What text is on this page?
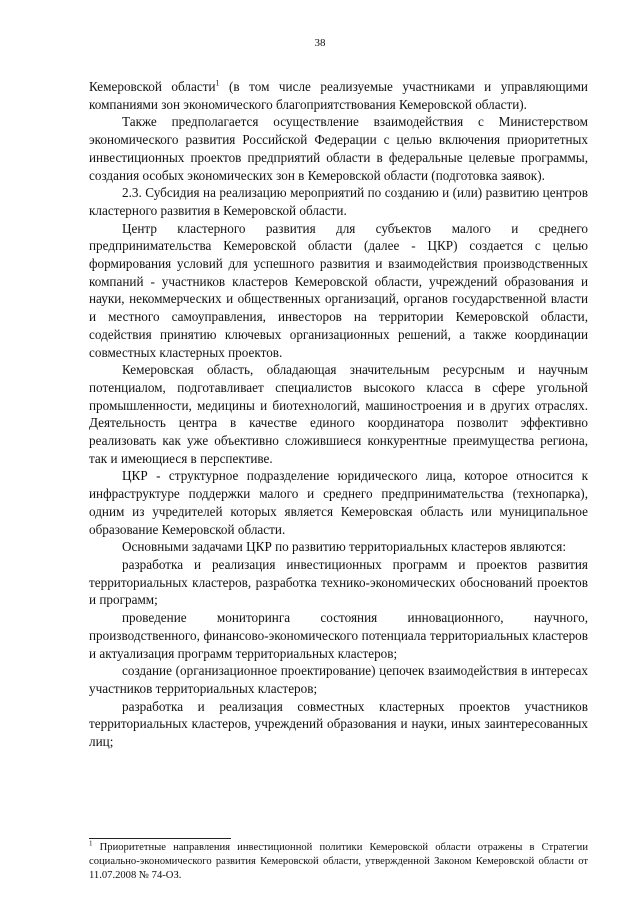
38

Кемеровской области$^1$ (в том числе реализуемые участниками и управляющими компаниями зон экономического благоприятствования Кемеровской области).

Также предполагается осуществление взаимодействия с Министерством экономического развития Российской Федерации с целью включения приоритетных инвестиционных проектов предприятий области в федеральные целевые программы, создания особых экономических зон в Кемеровской области (подготовка заявок).

2.3. Субсидия на реализацию мероприятий по созданию и (или) развитию центров кластерного развития в Кемеровской области.

Центр кластерного развития для субъектов малого и среднего предпринимательства Кемеровской области (далее - ЦКР) создается с целью формирования условий для успешного развития и взаимодействия производственных компаний - участников кластеров Кемеровской области, учреждений образования и науки, некоммерческих и общественных организаций, органов государственной власти и местного самоуправления, инвесторов на территории Кемеровской области, содействия принятию ключевых организационных решений, а также координации совместных кластерных проектов.

Кемеровская область, обладающая значительным ресурсным и научным потенциалом, подготавливает специалистов высокого класса в сфере угольной промышленности, медицины и биотехнологий, машиностроения и в других отраслях. Деятельность центра в качестве единого координатора позволит эффективно реализовать как уже объективно сложившиеся конкурентные преимущества региона, так и имеющиеся в перспективе.

ЦКР - структурное подразделение юридического лица, которое относится к инфраструктуре поддержки малого и среднего предпринимательства (технопарка), одним из учредителей которых является Кемеровская область или муниципальное образование Кемеровской области.

Основными задачами ЦКР по развитию территориальных кластеров являются:

разработка и реализация инвестиционных программ и проектов развития территориальных кластеров, разработка технико-экономических обоснований проектов и программ;

проведение мониторинга состояния инновационного, научного, производственного, финансово-экономического потенциала территориальных кластеров и актуализация программ территориальных кластеров;

создание (организационное проектирование) цепочек взаимодействия в интересах участников территориальных кластеров;

разработка и реализация совместных кластерных проектов участников территориальных кластеров, учреждений образования и науки, иных заинтересованных лиц;

$^1$ Приоритетные направления инвестиционной политики Кемеровской области отражены в Стратегии социально-экономического развития Кемеровской области, утвержденной Законом Кемеровской области от 11.07.2008 № 74-ОЗ.
